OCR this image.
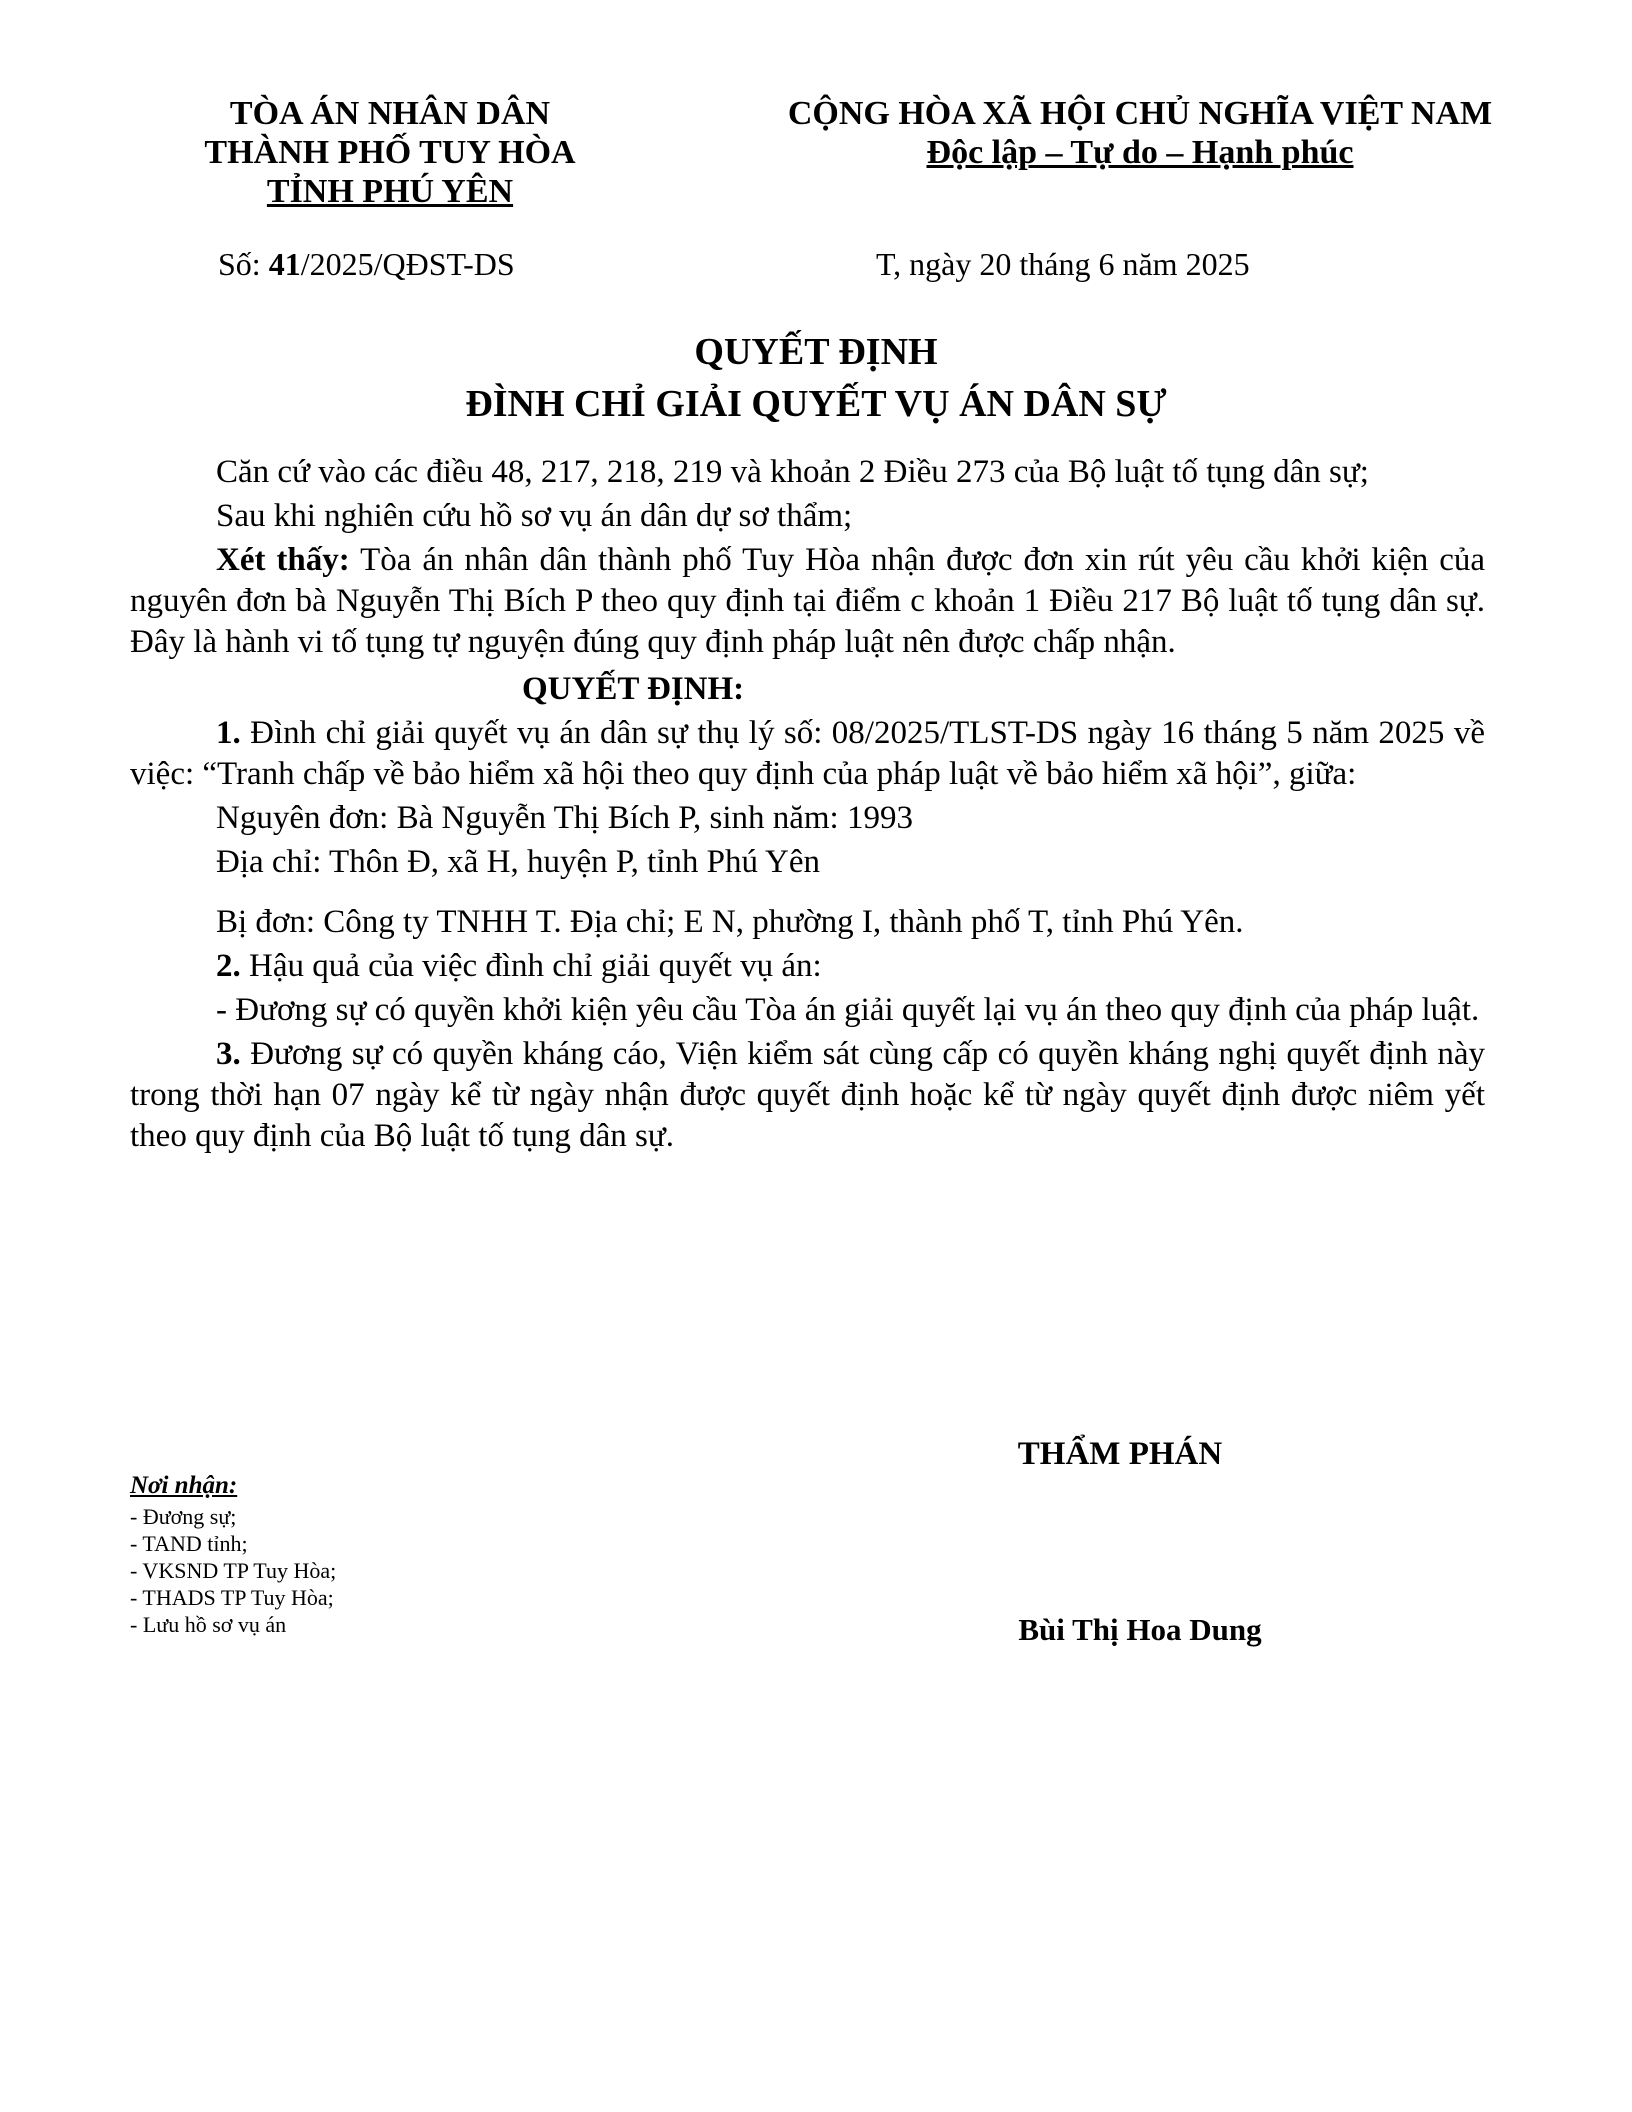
TÒA ÁN NHÂN DÂN
THÀNH PHỐ TUY HÒA
TỈNH PHÚ YÊN
CỘNG HÒA XÃ HỘI CHỦ NGHĨA VIỆT NAM
Độc lập – Tự do – Hạnh phúc
Số: 41/2025/QĐST-DS	T, ngày 20 tháng 6 năm 2025
QUYẾT ĐỊNH
ĐÌNH CHỈ GIẢI QUYẾT VỤ ÁN DÂN SỰ

Căn cứ vào các điều 48, 217, 218, 219 và khoản 2 Điều 273 của Bộ luật tố tụng dân sự;

Sau khi nghiên cứu hồ sơ vụ án dân dự sơ thẩm;

Xét thấy: Tòa án nhân dân thành phố Tuy Hòa nhận được đơn xin rút yêu cầu khởi kiện của nguyên đơn bà Nguyễn Thị Bích P theo quy định tại điểm c khoản 1 Điều 217 Bộ luật tố tụng dân sự. Đây là hành vi tố tụng tự nguyện đúng quy định pháp luật nên được chấp nhận.

QUYẾT ĐỊNH:

1. Đình chỉ giải quyết vụ án dân sự thụ lý số: 08/2025/TLST-DS ngày 16 tháng 5 năm 2025 về việc: “Tranh chấp về bảo hiểm xã hội theo quy định của pháp luật về bảo hiểm xã hội”, giữa:

Nguyên đơn: Bà Nguyễn Thị Bích P, sinh năm: 1993

Địa chỉ: Thôn Đ, xã H, huyện P, tỉnh Phú Yên

Bị đơn: Công ty TNHH T. Địa chỉ; E N, phường I, thành phố T, tỉnh Phú Yên.

2. Hậu quả của việc đình chỉ giải quyết vụ án:

- Đương sự có quyền khởi kiện yêu cầu Tòa án giải quyết lại vụ án theo quy định của pháp luật.

3. Đương sự có quyền kháng cáo, Viện kiểm sát cùng cấp có quyền kháng nghị quyết định này trong thời hạn 07 ngày kể từ ngày nhận được quyết định hoặc kể từ ngày quyết định được niêm yết theo quy định của Bộ luật tố tụng dân sự.

Nơi nhận:
- Đương sự;
- TAND tỉnh;
- VKSND TP Tuy Hòa;
- THADS TP Tuy Hòa;
- Lưu hồ sơ vụ án
THẨM PHÁN
Bùi Thị Hoa Dung
